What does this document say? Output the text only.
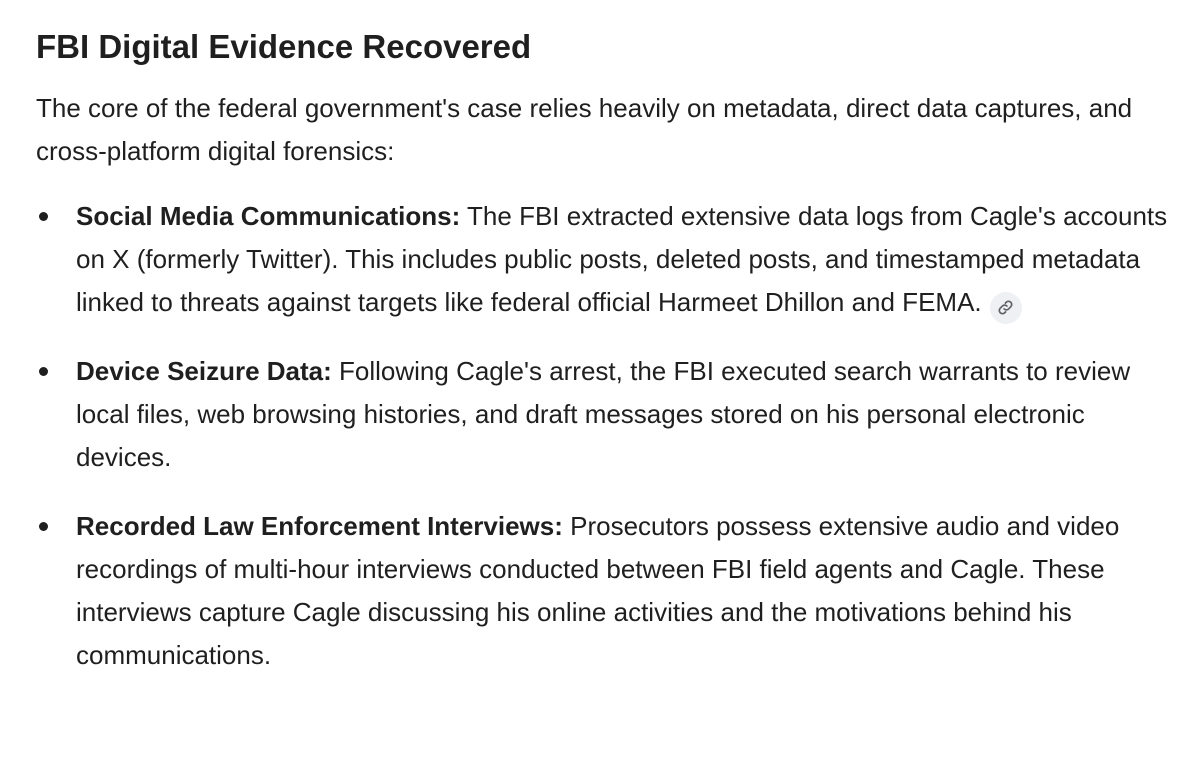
FBI Digital Evidence Recovered

The core of the federal government's case relies heavily on metadata, direct data captures, and cross-platform digital forensics:

Social Media Communications: The FBI extracted extensive data logs from Cagle's accounts on X (formerly Twitter). This includes public posts, deleted posts, and timestamped metadata linked to threats against targets like federal official Harmeet Dhillon and FEMA.
Device Seizure Data: Following Cagle's arrest, the FBI executed search warrants to review local files, web browsing histories, and draft messages stored on his personal electronic devices.
Recorded Law Enforcement Interviews: Prosecutors possess extensive audio and video recordings of multi-hour interviews conducted between FBI field agents and Cagle. These interviews capture Cagle discussing his online activities and the motivations behind his communications.
